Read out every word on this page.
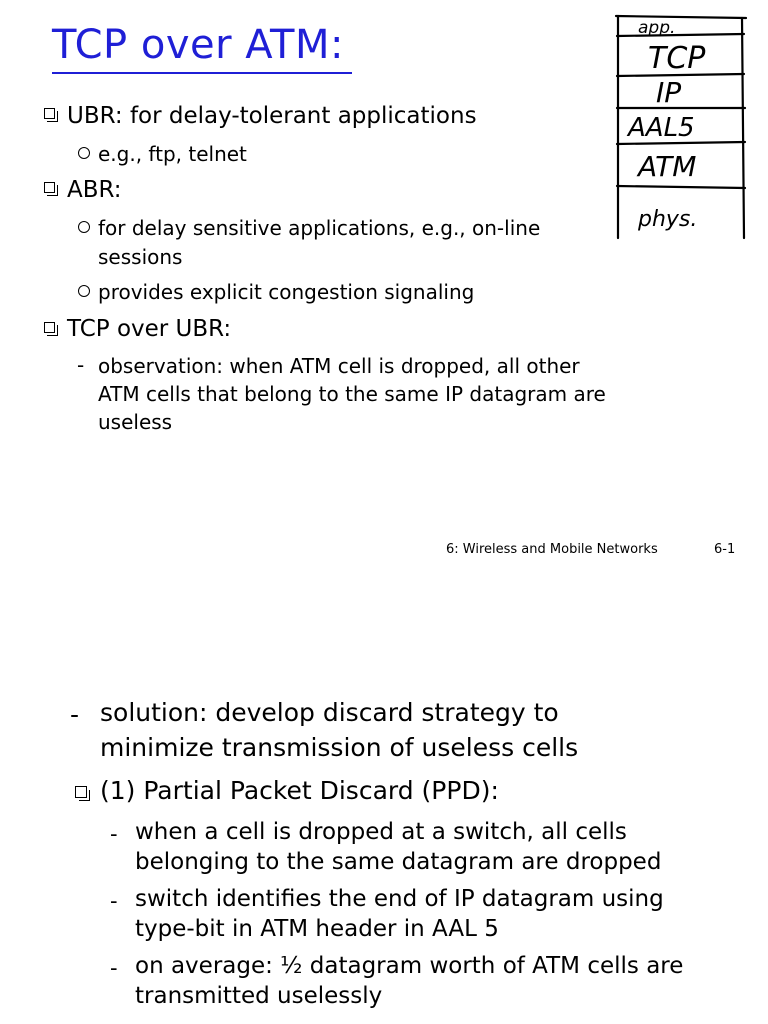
TCP over ATM:
UBR: for delay-tolerant applications
e.g., ftp, telnet
ABR:
for delay sensitive applications, e.g., on-line
sessions
provides explicit congestion signaling
TCP over UBR:
- observation: when ATM cell is dropped, all other
ATM cells that belong to the same IP datagram are
useless
app.
TCP
IP
AAL5
ATM
phys.
6: Wireless and Mobile Networks	6-1
- solution: develop discard strategy to
minimize transmission of useless cells
(1) Partial Packet Discard (PPD):
- when a cell is dropped at a switch, all cells
belonging to the same datagram are dropped
- switch identifies the end of IP datagram using
type-bit in ATM header in AAL 5
- on average: ½ datagram worth of ATM cells are
transmitted uselessly
